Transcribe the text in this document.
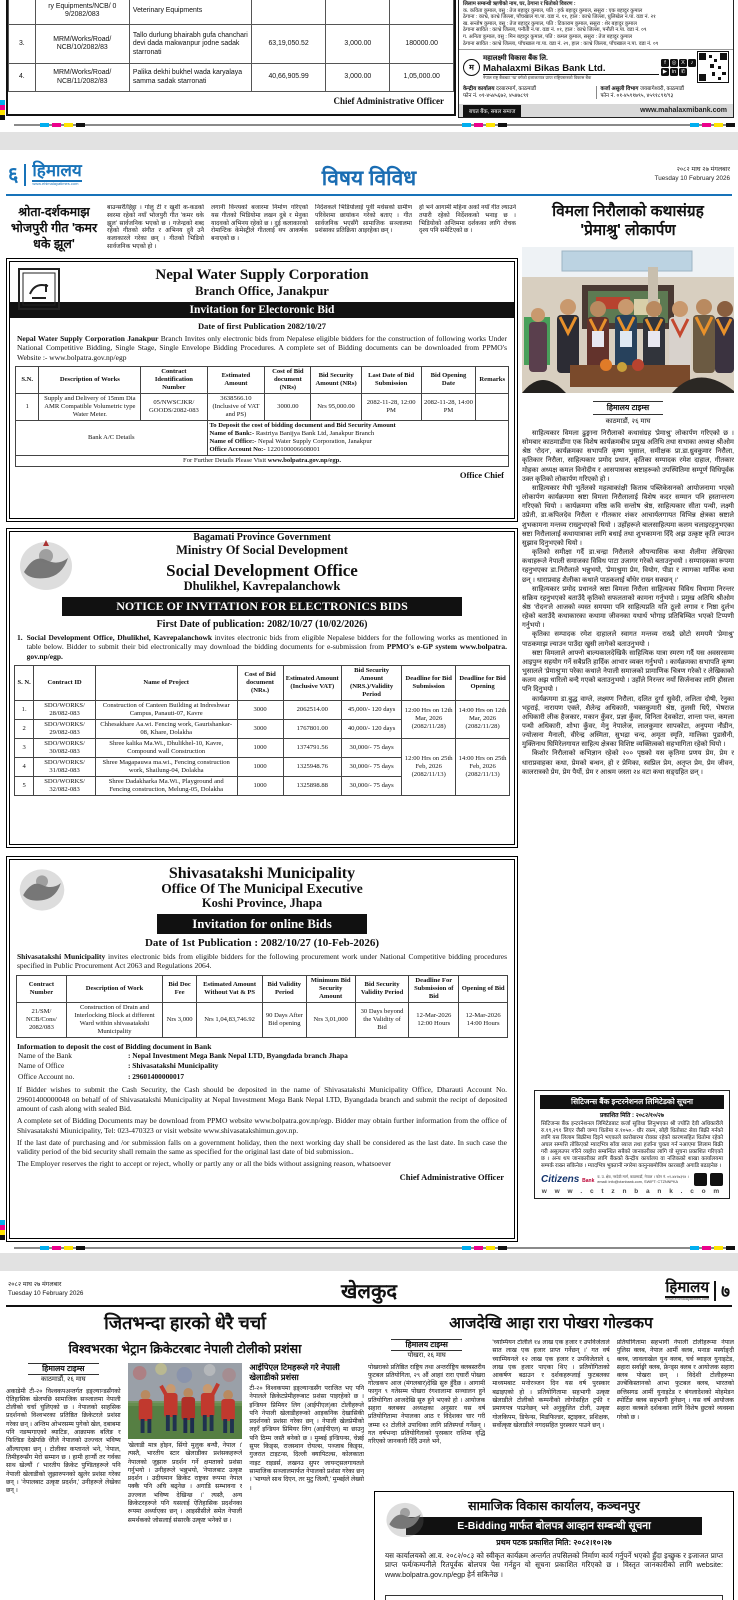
	ry Equipments/NCB/ 0 9/2082/083	Veterinary Equipments			
3.	MRM/Works/Road/ NCB/10/2082/83	Tallo durlung bhairabh gufa chanchari devi dada makwanpur jodne sadak starronati	63,19,050.52	3,000.00	180000.00
4.	MRM/Works/Road/ NCB/11/2082/83	Palika dekhi bukhel wada karyalaya samma sadak starronati	40,66,905.99	3,000.00	1,05,000.00
Chief Administrative Officer
लिलाम सम्बन्धी ऋणीको नाम, घर, ठेगाना र धितोको विवरण :
क. कविता कुमाल, वसु : तेज बहादुर कुमाल, पति : हर्क बहादुर कुमाल, ससुरा : एक बहादुर कुमाल
ठेगाना : काभ्रे, काभ्रे जिल्ला, पाँचखाल गा.पा. वडा नं. ११, हाल : काभ्रे जिल्ला, धुलिखेल न.पा. वडा नं. २१
ख. सन्तोष कुमाल, वसु : तेज बहादुर कुमाल, पति : टिकाराम कुमाल, ससुरा : शेर बहादुर कुमाल
ठेगाना सावित : काभ्रे जिल्ला, पनौती न.पा. वडा नं. ०१, हाल : काभ्रे जिल्ला, पनौती न.पा. वडा नं. ०९
ग. अनिता कुमाल, वसु : मिन बहादुर कुमाल, पति : कमल कुमाल, ससुरा : तेज बहादुर कुमाल
ठेगाना सावित : काभ्रे जिल्ला, पाँचखाल गा.पा. वडा नं. २१, हाल : काभ्रे जिल्ला, पाँचखाल न.पा. वडा नं. ०९
म
महालक्ष्मी विकास बैंक लि.
Mahalaxmi Bikas Bank Ltd.
नेपाल राष्ट्र बैंकबाट 'ख' वर्गको इजाजतपत्र प्राप्त राष्ट्रियस्तरको विकास बैंक
f	◎ X	♪
▶ in ✆
केन्द्रीय कार्यालय दरबारमार्ग, काठमाडौं
फोन नं. ०१-४५४५६७२, ४५४७८९१
कर्जा असुली विभाग जयबागेश्वरी, काठमाडौं
फोन नं. ०१-४५९१७९५, ४५९१८९१/९३
बचत बैंक, सबल समाज	www.mahalaxmibank.com
६ हिमालय
www.ehimalayatimes.com	विषय विविध	२०८२ माघ २७ मंगलबार
Tuesday 10 February 2026
श्रोता-दर्शकमाझ भोजपुरी गीत 'कमर धके झूल'
बाउन्सर्री/हिट्ठा । गोलु टी र खुशी क-कडको स्वरमा रहेको नयाँ भोजपुरी गीत 'कमर धके झूल' सार्वजनिक भएको छ । गजेन्द्रको शब्द रहेको गीतको संगीत र अभिनय दुवै उनै कलाकारले गरेका छन् । गीतको भिडियो सार्वजनिक भएको हो ।
लगानी विन्त्यको बजारमा निर्माण गरिएको यस गीतको भिडियोमा लखन दुबे र मेनुका यादवको अभिनय रहेको छ । दुई कलाकारको रोमान्टिक केमेस्ट्रीले गीतलाई थप आकर्षक बनाएको छ ।
निर्देशकले भिडियोलाई पूर्वी मधेसको ग्रामीण परिवेशमा छायांकन गरेको बताए । गीत सार्वजनिक भएसँगै सामाजिक सञ्जालमा प्रशंसाका प्रतिक्रिया आइरहेका छन् ।
हो भने आगामी महिना अर्को नयाँ गीत ल्याउने तयारी रहेको निर्देशकको भनाइ छ । भिडियोको अन्तिममा दर्शकका लागि रोचक दृश्य पनि समेटिएको छ ।
Nepal Water Supply Corporation
Branch Office, Janakpur
Invitation for Electoronic Bid
Date of first Publication 2082/10/27
Nepal Water Supply Corporation Janakpur Branch Invites only electronic bids from Nepalese eligible bidders for the construction of following works Under National Competitive Bidding, Single Stage, Single Envelope Bidding Procedures. A complete set of Bidding documents can be downloaded from PPMO's Website :- www.bolpatra.gov.np/egp
S.N.	Description of Works	Contract Identification Number	Estimated Amount	Cost of Bid document (NRs)	Bid Security Amount (NRs)	Last Date of Bid Submission	Bid Opening Date	Remarks
1	Supply and Delivery of 15mm Dia AMR Compatible Volumetric type Water Meter.	05/NWSCJKR/ GOODS/2082-083	3638566.10 (Inclusive of VAT and PS)	3000.00	Nrs 95,000.00	2082-11-28, 12:00 PM	2082-11-28, 14:00 PM	
Bank A/C Details			To Deposit the cost of bidding document and Bid Security Amount
Name of Bank:- Rastriya Banijya Bank Ltd, Janakpur Branch
Name of Office:- Nepal Water Supply Corporation, Janakpur
Office Account No:- 1220100006608001					
For Further Details Please Visit www.bolpatra.gov.np/egp.								
Office Chief
Bagamati Province Government
Ministry Of Social Development
Social Development Office
Dhulikhel, Kavrepalanchowk
NOTICE OF INVITATION FOR ELECTRONICS BIDS
First Date of publication: 2082/10/27 (10/02/2026)
1. Social Development Office, Dhulikhel, Kavrepalanchowk invites electronic bids from eligible Nepalese bidders for the following works as mentioned in table below. Bidder to submit their bid electronically may download the bidding documents for e-submission from PPMO's e-GP system www.bolpatra. gov.np/egp.
S. N.	Contract ID	Name of Project	Cost of Bid document (NRs.)	Estimated Amount (Inclusive VAT)	Bid Security Amount (NRS.)/Validity Period	Deadline for Bid Submission	Deadline for Bid Opening
1.	SDO/WORKS/ 28/082-083	Construction of Canteen Building at Indreshwar Campus, Panauti-07, Kavre	3000	2062514.00	45,000/- 120 days	12:00 Hrs on 12th Mar, 2026 (2082/11/28)	14:00 Hrs on 12th Mar, 2026 (2082/11/28)
2	SDO/WORKS/ 29/082-083	Chhesakhare Aa.wi. Fencing work, Gaurishankar-08, Khare, Dolakha	3000	1767801.00	40,000/- 120 days		
3	SDO/WORKS/ 30/082-083	Shree kalika Ma.Wi., Dhulikhel-10, Kavre, Compound wall Construction	1000	1374791.56	30,000/- 75 days	12:00 Hrs on 25th Feb, 2026 (2082/11/13)	14:00 Hrs on 25th Feb, 2026 (2082/11/13)
4	SDO/WORKS/ 31/082-083	Shree Magapauwa ma.wi., Fencing construction work, Shailung-04, Dolakha	1000	1325948.76	30,000/- 75 days		
5	SDO/WORKS/ 32/082-083	Shree Dadakharka Ma.Wi., Playground and Fencing construction, Melung-05, Dolakha	1000	1325898.88	30,000/- 75 days		
Shivasatakshi Municipality
Office Of The Municipal Executive
Koshi Province, Jhapa
Invitation for online Bids
Date of 1st Publication : 2082/10/27 (10-Feb-2026)
Shivasatakshi Municipality invites electronic bids from eligible bidders for the following procurement work under National Competitive bidding procedures specified in Public Procurement Act 2063 and Regulations 2064.
Contract Number	Description of Work	Bid Doc Fee	Estimated Amount Without Vat & PS	Bid Validity Period	Minimum Bid Security Amount	Bid Security Validity Period	Deadline For Submission of Bid	Opening of Bid
21/SM/ NCB/Cons/ 2082/083	Construction of Drain and Interlocking Block at different Ward within shivasatakshi Municipality	Nrs 3,000	Nrs 1,04,83,746.92	90 Days After Bid opening	Nrs 3,01,000	30 Days beyond the Validity of Bid	12-Mar-2026 12:00 Hours	12-Mar-2026 14:00 Hours
Information to deposit the cost of Bidding document in Bank
Name of the Bank	: Nepal Investment Mega Bank Nepal LTD, Byangdada branch Jhapa
Name of Office	: Shivasatakshi Municipality
Office Account no.	: 29601400000017
If Bidder wishes to submit the Cash Security, the Cash should be deposited in the name of Shivasatakshi Municipality Office, Dharauti Account No. 29601400000048 on behalf of of Shivasatakshi Municipality at Nepal Investment Mega Bank Nepal LTD, Byangdada branch and submit the recipt of deposited amount of cash along with sealed Bid.
A complete set of Bidding Documents may be download from PPMO website www.bolpatra.gov.np/egp. Bidder may obtain further information from the office of Shivasatakshi Miunicipality, Tel: 023-470323 or visit website www.shivasatakshimun.gov.np.
If the last date of purchasing and /or submission falls on a government holiday, then the next working day shall be considered as the last date. In such case the validity period of the bid security shall remain the same as specified for the original last date of bid submission..
The Employer reserves the right to accept or reject, wholly or partly any or all the bids without assigning reason, whatsoever
Chief Administrative Officer
विमला निरौलाको कथासंग्रह
'प्रेमाश्रु' लोकार्पण
हिमालय टाइम्स
काठमाडौं, २६ माघ

साहित्यकार विमला ढुङ्गाना निरौलाको कथासंग्रह 'प्रेमाश्रु' लोकार्पण गरिएको छ । सोमबार काठमाडौंमा एक विशेष कार्यक्रमबीच प्रमुख अतिथि तथा सभाका अध्यक्ष श्रीओम श्रेष्ठ 'रोदन', कार्यक्रमका सभापति कृष्ण भुसाल, समीक्षक प्रा.डा.ध्रुवकुमार निरौला, कृतिकार निरौला, साहित्यकार प्रमोद प्रधान, कृतिका सम्पादक रमेश दाहाल, गीतकार मोहका अध्यक्ष कमल विनोदीय र आसपासका स्रष्टाहरूको उपस्थितिमा सम्पूर्ण विधिपूर्वक उक्त कृतिको लोकार्पण गरिएको हो ।

साहित्यकार मेघी भुर्तेलको महत्वाकांक्षी किताब पब्लिकेसनको आयोजनामा भएको लोकार्पण कार्यक्रममा स्रष्टा विमला निरौलालाई विशेष कदर सम्मान पनि हस्तान्तरण गरिएको थियो । कार्यक्रममा वरिष्ठ कवि सन्तोष श्रेष्ठ, साहित्यकार सीता पन्थी, लक्ष्मी उप्रेती, डा.कपिलदेव निरौला र गीतकार शंकर आचार्यलगायत विभिन्न क्षेत्रका स्रष्टाले शुभकामना मन्तव्य राख्नुभएको थियो । उहाँहरूले बालसाहित्यमा कलम चलाइरहनुभएका स्रष्टा निरौलालाई कथायात्राका लागि बधाई तथा शुभकामना दिँदै अझ उत्कृष्ट कृति ल्याउन सुझाव दिनुभएको थियो ।

कृतिको समीक्षा गर्दै डा.चन्द्रा निरौलाले औपन्यासिक कथा शैलीमा लेखिएका कथाहरूले नेपाली समाजका विविध पाटा उजागर गरेको बताउनुभयो । सम्पादकका रूपमा रहनुभएका डा.निरौलाले भन्नुभयो, 'प्रेमाश्रुमा प्रेम, वियोग, पीडा र त्यागका मार्मिक कथा छन् । धाराप्रवाह शैलीका कथाले पाठकलाई बाँधेर राख्न सक्छन् ।'

साहित्यकार प्रमोद प्रधानले स्रष्टा विमला निरौला साहित्यका विविध विधामा निरन्तर सक्रिय रहनुभएको बताउँदै कृतिको सफलताको कामना गर्नुभयो । प्रमुख अतिथि श्रीओम श्रेष्ठ 'रोदन'ले आजको व्यस्त समयमा पनि साहित्यप्रति यति ठूलो लगाव र निष्ठा दुर्लभ रहेको बताउँदै कथाकारका कथामा जीवनका यथार्थ भोगाइ प्रतिबिम्बित भएको टिप्पणी गर्नुभयो ।

कृतिका सम्पादक रमेश दाहालले स्वागत मन्तव्य राख्दै छोटो समयमै 'प्रेमाश्रु' पाठकमाझ ल्याउन पाउँदा खुसी लागेको बताउनुभयो ।

स्रष्टा विमलाले आफ्नो बाल्यकालदेखिकै साहित्यिक यात्रा स्मरण गर्दै यस अवसरसम्म आइपुग्न सहयोग गर्ने सबैप्रति हार्दिक आभार व्यक्त गर्नुभयो । कार्यक्रमका सभापति कृष्ण भुसालले 'प्रेमाश्रु'मा परेका कथाले नेपाली समाजको प्रामाणिक चित्रण गरेको र लेखिकाको कलम अझ धारिलो बन्दै गएको बताउनुभयो । उहाँले निरन्तर नयाँ सिर्जनाका लागि हौसला पनि दिनुभयो ।

कार्यक्रममा डा.बुद्ध वाग्ले, लक्ष्मण निरौला, दलित दुर्गा सुवेदी, ललिता दोषी, रेनुका भट्टराई, नारायण एक्ले, शैलेन्द्र अधिकारी, भक्तकुमारी श्रेष्ठ, तुलसी थिएँ, भेषराज अधिकारी लीक हैजकार, मकान कुँवर, प्रज्ञा कुँवर, विनिता देवकोटा, शान्ता पन्त, कमला पन्थी अधिकारी, शोभा कुँवर, मेनु नेपालेज, लालकुमार सापकोटा, अनुपमा नौडीन, ज्योत्सना मैनाली, वीरेन्द्र अस्मिता, सुभद्रा चन्द, अमृता स्मृति, मालिका पुडासैनी, मुक्तिनाथ घिमिरेलगायत साहित्य क्षेत्रका विशिष्ट व्यक्तित्वको सहभागिता रहेको थियो ।

किशोर निरौलाको कभिज्ञान रहेको २०० पृष्ठको यस कृतिमा प्रणय प्रेम, प्रेम र धाराप्रवाहका कथा, प्रेमको बन्धन, हो र प्रेमिका, स्वप्निल प्रेम, अतृप्त प्रेम, प्रेम जीवन, कालरात्रको प्रेम, प्रेम पैर्यो, प्रेम र आश्रम जस्ता २४ वटा कथा सङ्ग्रहित छन् ।

सिटिजन्स बैंक इन्टरनेशनल लिमिटेडको सूचना
प्रकाशित मिति : २०८२/१०/२७
सिटिजन्स बैंक इन्टरनेशनल लिमिटेडबाट कर्जा सुविधा लिनुभएका श्री ज्योति देवी अधिकारीले रु.१९,२९१ लिएर जैसी जग्गा धितोमा रु.१०५०.- धौर रकम, सोही धितोबाट सेवा बिक्री गर्नको लागि यस लिलाम बिक्रीमा दिइने भएकाले कारोबारमा रोक्का रहेको कारणसहित धितोमा रहेको अचल सम्पत्ति तोकिएको म्यादभित्र साँवा ब्याज तथा हर्जाना चुक्ता गर्न नआएमा लिलाम बिक्री गरी असुलउपर गरिने व्यहोरा सम्बन्धित सबैको जानकारीका लागि यो सूचना प्रकाशित गरिएको छ । अन्य थप जानकारीका लागि बैंकको केन्द्रीय कार्यालय वा नजिकको शाखा कार्यालयमा सम्पर्क राख्न सकिनेछ । म्यादभित्र भुक्तानी नगरेमा कानुनबमोजिम कारबाही अगाडि बढाइनेछ ।
Citizens Bank
व. उ. क्षेत्र, नरदेवी मार्ग, काठमाडौं, नेपाल । फोन नं. ०१-४४२७३९४ । email: info@ctznbank.com, SWIFT: CTZNNPKA
w w w . c t z n b a n k . c o m
२०८२ माघ २७ मंगलबार
Tuesday 10 February 2026	खेलकुद	हिमालय
www.ehimalayatimes.com ७
जितभन्दा हारको धेरै चर्चा
विश्वभरका भेट्रान क्रिकेटरबाट नेपाली टोलीको प्रशंसा
हिमालय टाइम्स
काठमाडौं, २६ माघ
अकाडेमी टी-२० विश्वकपअन्तर्गत इङ्ल्यान्डसँगको ऐतिहासिक खेलपछि सामाजिक सञ्जालमा नेपाली टोलीको चर्चा चुलिएको छ । नेपालको साहसिक प्रदर्शनको विश्वभरका प्रतिष्ठित क्रिकेटरले प्रशंसा गरेका छन् । अन्तिम ओभरसम्म पुगेको खेल, दबाबमा पनि नडग्मगाएको ब्याटिङ, आक्रामक बलिङ र फिल्डिङ देखेपछि धेरैले नेपालको उज्ज्वल भविष्य औंल्याएका छन् । टोलीका कप्तानले भने, 'नेपाल, तिमीहरूसँग मेरो सम्मान छ । हामी हार्‍यौं तर गर्वका साथ खेल्यौं ।' भारतीय क्रिकेट पुण्डितहरूले पनि नेपाली खेलाडीको जुझारुपनको खुलेर प्रशंसा गरेका छन् । 'नेपालबाट उत्कृष्ट प्रदर्शन,' उनीहरूले लेखेका छन् ।
'खेलाडी मात्र होइन, सिंगो मुलुक बन्यौ, नेपाल ।' त्यस्तै, भारतीय स्टार खेलाडीका प्रशंसकहरूले नेपालको जुझारु प्रदर्शन गर्ने क्षमताको प्रशंसा गर्नुभयो । उनीहरूले भन्नुभयो, 'नेपालबाट उत्कृष्ट प्रदर्शन । उदीयमान क्रिकेट राष्ट्रका रूपमा नेपाल पक्कै पनि अघि बढ्नेछ । अगाडि सम्भावना र उज्ज्वल भविष्य देखिन्छ ।' त्यस्तै, अन्य क्रिकेटरहरूले पनि यसलाई ऐतिहासिक प्रदर्शनका रूपमा अर्थ्याएका छन् । आइसीसीले समेत नेपाली समर्थकको जोसलाई संसारकै उत्कृष्ट भनेको छ ।
आईपिएल टिमहरूले गरे नेपाली खेलाडीको प्रशंसा
टी-२० विश्वकपमा इङ्ल्यान्डसँग पराजित भए पनि नेपालले क्रिकेटप्रेमीहरूबाट प्रशंसा पाइरहेको छ । इन्डियन प्रिमियर लिग (आईपीएल)का टोलीहरूले पनि नेपाली खेलाडीहरूको आइकनिक देखासिकी प्रदर्शनको प्रशंसा गरेका छन् । नेपाली खेलप्रेमीको लहरँ इन्डियन प्रिमियर लिग (आईपीएल) मा छाउनु पनि ठिम्म जस्तै बनेको छ । मुम्बई इन्डियन्स, चेन्नई सुपर किङ्स, राजस्थान रोयल्स, पञ्जाब किङ्स, गुजरात टाइटन्स, दिल्ली क्यापिटल्स, कोलकाता नाइट राइडर्स, लखनउ सुपर जायन्ट्सलगायतले सामाजिक सञ्जालमार्फत नेपालको प्रशंसा गरेका छन् । 'भाग्यले साथ दिएन, तर मुटु जित्यौ,' मुम्बईले लेख्यो ।
आजदेखि आहा रारा पोखरा गोल्डकप
हिमालय टाइम्स
पोखरा, २६ माघ
पोखराको प्रतिष्ठित राष्ट्रिय तथा अन्तर्राष्ट्रिय क्लबस्तरीय फुटबल प्रतियोगिता, २९ औं आहा! रारा एघारौं पोखरा गोल्डकप आज (मंगलबार)देखि सुरु हुँदैछ । आगामी फागुन ९ गतेसम्म पोखरा रंगशालामा सञ्चालन हुने प्रतियोगिता आजदेखि सुरु हुने भएको हो । आयोजक सहारा क्लबका अध्यक्षका अनुसार यस वर्ष प्रतियोगितामा नेपालका आठ र विदेशका चार गरी जम्मा १२ टोलीले उपाधिका लागि प्रतिस्पर्धा गर्नेछन् । गत वर्षभन्दा प्रतियोगिताको पुरस्कार राशिमा वृद्धि गरिएको जानकारी दिँदै उनले भने,
'च्याम्पियन टोलीले १४ लाख एक हजार र उपविजेताले सात लाख एक हजार प्राप्त गर्नेछन् ।' गत वर्ष च्याम्पियनले १२ लाख एक हजार र उपविजेताले ६ लाख एक हजार पाएका थिए । प्रतियोगिताको आकर्षण बढाउन र दर्शकहरूलाई फुटबलका माध्यमबाट मनोरञ्जन दिन यस वर्ष पुरस्कार बढाइएको हो । प्रतियोगितामा सहभागी उत्कृष्ट खेलाडीले टोलीको कम्पनीको लोगोसहित ट्रफी र प्रमाणपत्र पाउनेछन् भने अनुकूलित टोली, उत्कृष्ट गोलकिपम, डिफेन्स, मिडफिल्डर, स्ट्राइकर, प्रशिक्षक, सर्वोत्कृष्ट खेलाडीले नगदसहित पुरस्कार पाउने छन् ।
प्रतियोगितामा सहभागी नेपाली टोलीहरूमा नेपाल पुलिस क्लब, नेपाल आर्मी क्लब, मनाङ मर्स्याङ्दी क्लब, जावलाखेल युथ क्लब, चर्च ब्वाइज युनाइटेड, सहारा सर्वाङ्गी क्लब, फ्रेन्ड्स क्लब र आयोजक सहारा क्लब पोखरा छन् । विदेशी टोलीहरूमा उज्बेकिस्तानको आभा फुटबल क्लब, भारतको छत्तिसगढ आर्मी युनाइटेड र बंगलादेशको मोहमेडन स्पोर्टिङ क्लब सहभागी हुनेछन् । यस वर्ष आयोजक सहारा क्लबले दर्शकका लागि विशेष छुटको व्यवस्था गरेको छ ।
सामाजिक विकास कार्यालय, कञ्चनपुर
E-Bidding मार्फत बोलपत्र आव्हान सम्बन्धी सूचना
प्रथम पटक प्रकाशित मिति: २०८२।१०।२७
यस कार्यालयको आ.व. २०८२/०८३ को स्वीकृत कार्यक्रम अन्तर्गत तपसिलको निर्माण कार्य गर्नुपर्ने भएको हुँदा इच्छुक र इजाजत प्राप्त प्राप्त फर्म/कम्पनीले रितपूर्वक बोलपत्र पेस गर्नहुन यो सूचना प्रकाशित गरिएको छ । विस्तृत जानकारीको लागि website: www.bolpatra.gov.np/egp हेर्न सकिनेछ ।
